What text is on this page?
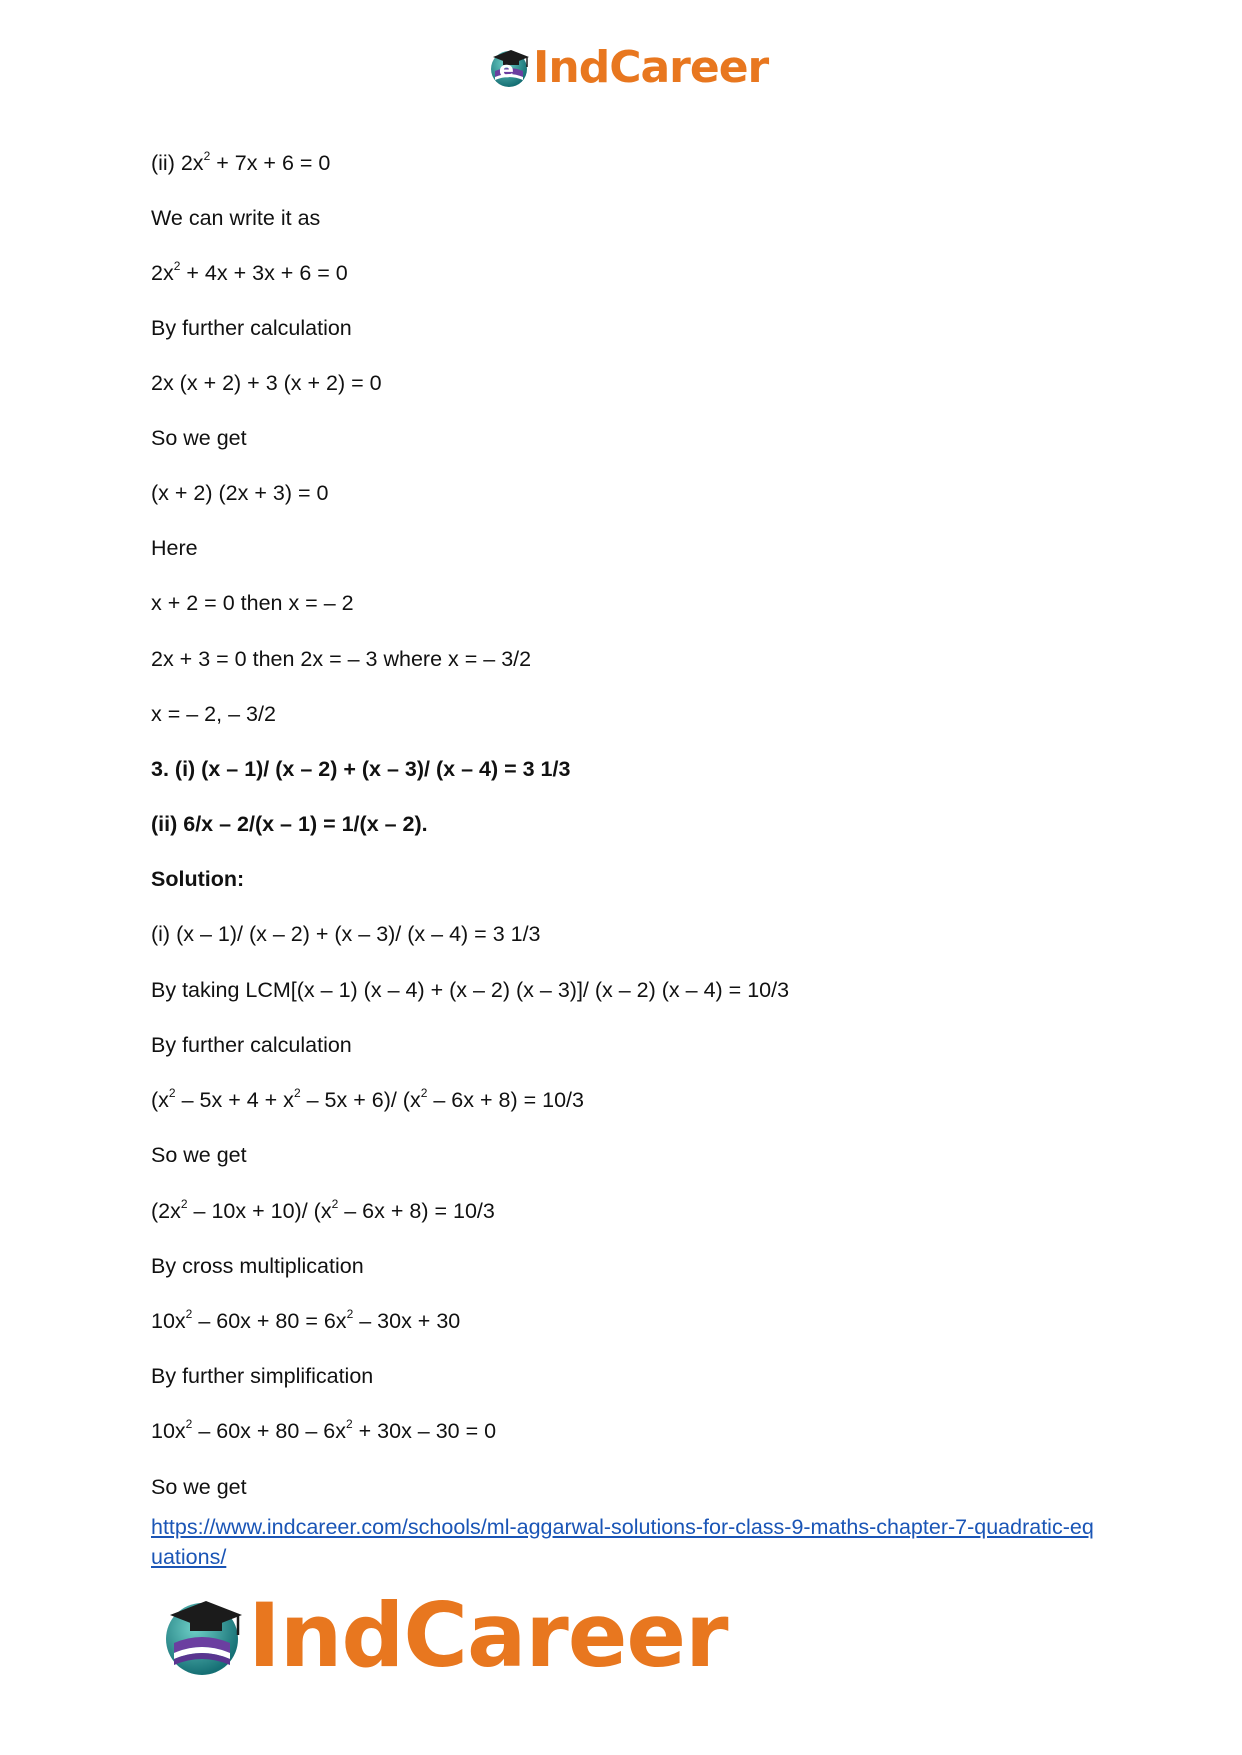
e IndCareer
(ii) $2x^2 + 7x + 6 = 0$
We can write it as
$2x^2 + 4x + 3x + 6 = 0$
By further calculation
2x (x + 2) + 3 (x + 2) = 0
So we get
(x + 2) (2x + 3) = 0
Here
x + 2 = 0 then x = – 2
2x + 3 = 0 then 2x = – 3 where x = – 3/2
x = – 2, – 3/2
3. (i) (x – 1)/ (x – 2) + (x – 3)/ (x – 4) = 3 1/3
(ii) 6/x – 2/(x – 1) = 1/(x – 2).
Solution:
(i) (x – 1)/ (x – 2) + (x – 3)/ (x – 4) = 3 1/3
By taking LCM[(x – 1) (x – 4) + (x – 2) (x – 3)]/ (x – 2) (x – 4) = 10/3
By further calculation
$(x^2 - 5x + 4 + x^2 - 5x + 6)/$ $(x^2 - 6x + 8) = 10/3$
So we get
$(2x^2 - 10x + 10)/$ $(x^2 - 6x + 8) = 10/3$
By cross multiplication
$10x^2 - 60x + 80 = 6x^2 - 30x + 30$
By further simplification
$10x^2 - 60x + 80 - 6x^2 + 30x - 30 = 0$
So we get
https://www.indcareer.com/schools/ml-aggarwal-solutions-for-class-9-maths-chapter-7-quadratic-equations/
IndCareer
